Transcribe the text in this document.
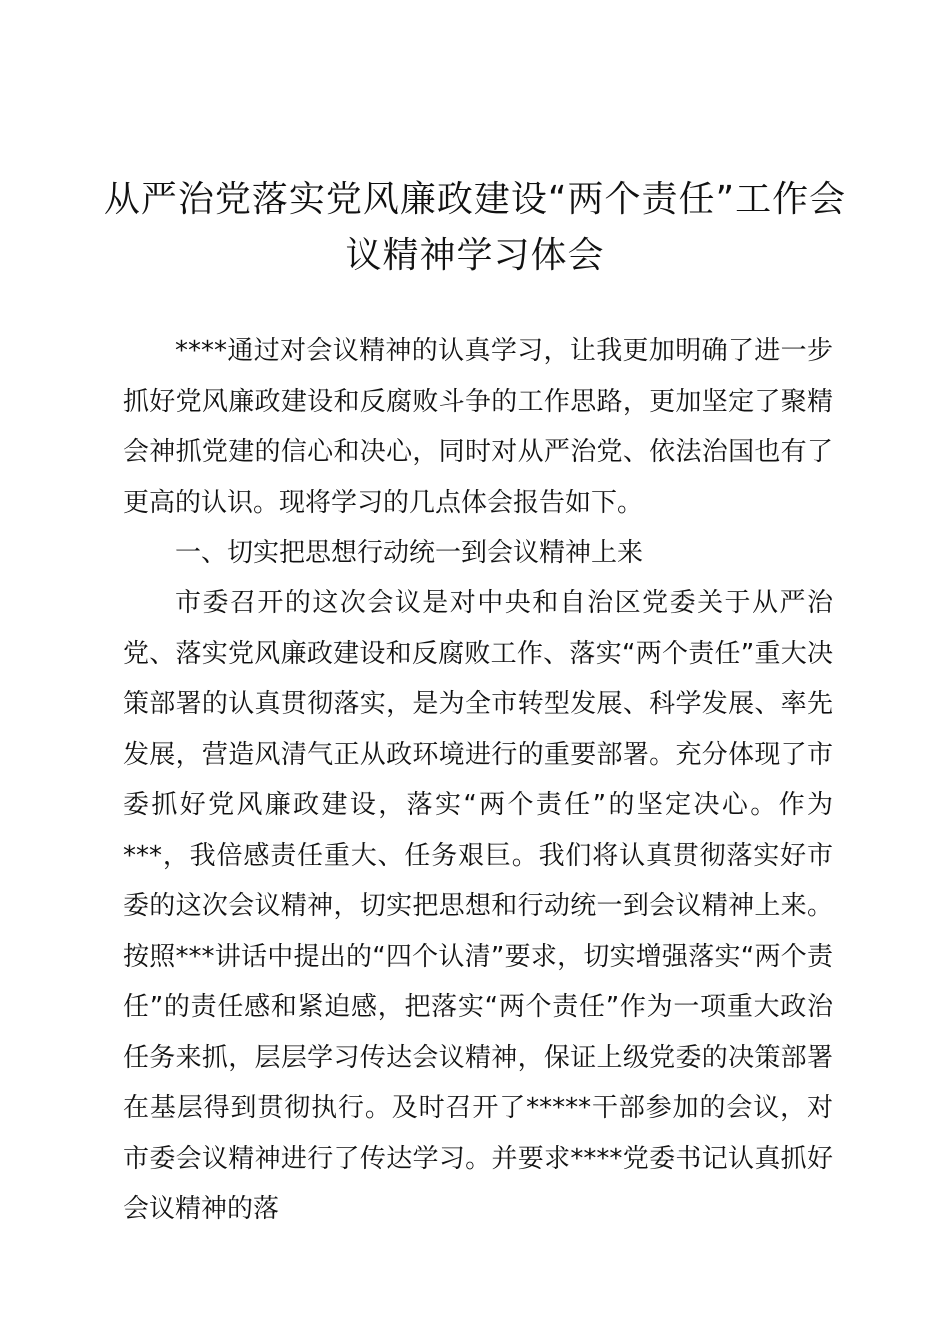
从严治党落实党风廉政建设“两个责任”工作会议精神学习体会

****通过对会议精神的认真学习，让我更加明确了进一步抓好党风廉政建设和反腐败斗争的工作思路，更加坚定了聚精会神抓党建的信心和决心，同时对从严治党、依法治国也有了更高的认识。现将学习的几点体会报告如下。

一、切实把思想行动统一到会议精神上来

市委召开的这次会议是对中央和自治区党委关于从严治党、落实党风廉政建设和反腐败工作、落实“两个责任”重大决策部署的认真贯彻落实，是为全市转型发展、科学发展、率先发展，营造风清气正从政环境进行的重要部署。充分体现了市委抓好党风廉政建设，落实“两个责任”的坚定决心。作为***，我倍感责任重大、任务艰巨。我们将认真贯彻落实好市委的这次会议精神，切实把思想和行动统一到会议精神上来。按照***讲话中提出的“四个认清”要求，切实增强落实“两个责任”的责任感和紧迫感，把落实“两个责任”作为一项重大政治任务来抓，层层学习传达会议精神，保证上级党委的决策部署在基层得到贯彻执行。及时召开了*****干部参加的会议，对市委会议精神进行了传达学习。并要求****党委书记认真抓好会议精神的落
